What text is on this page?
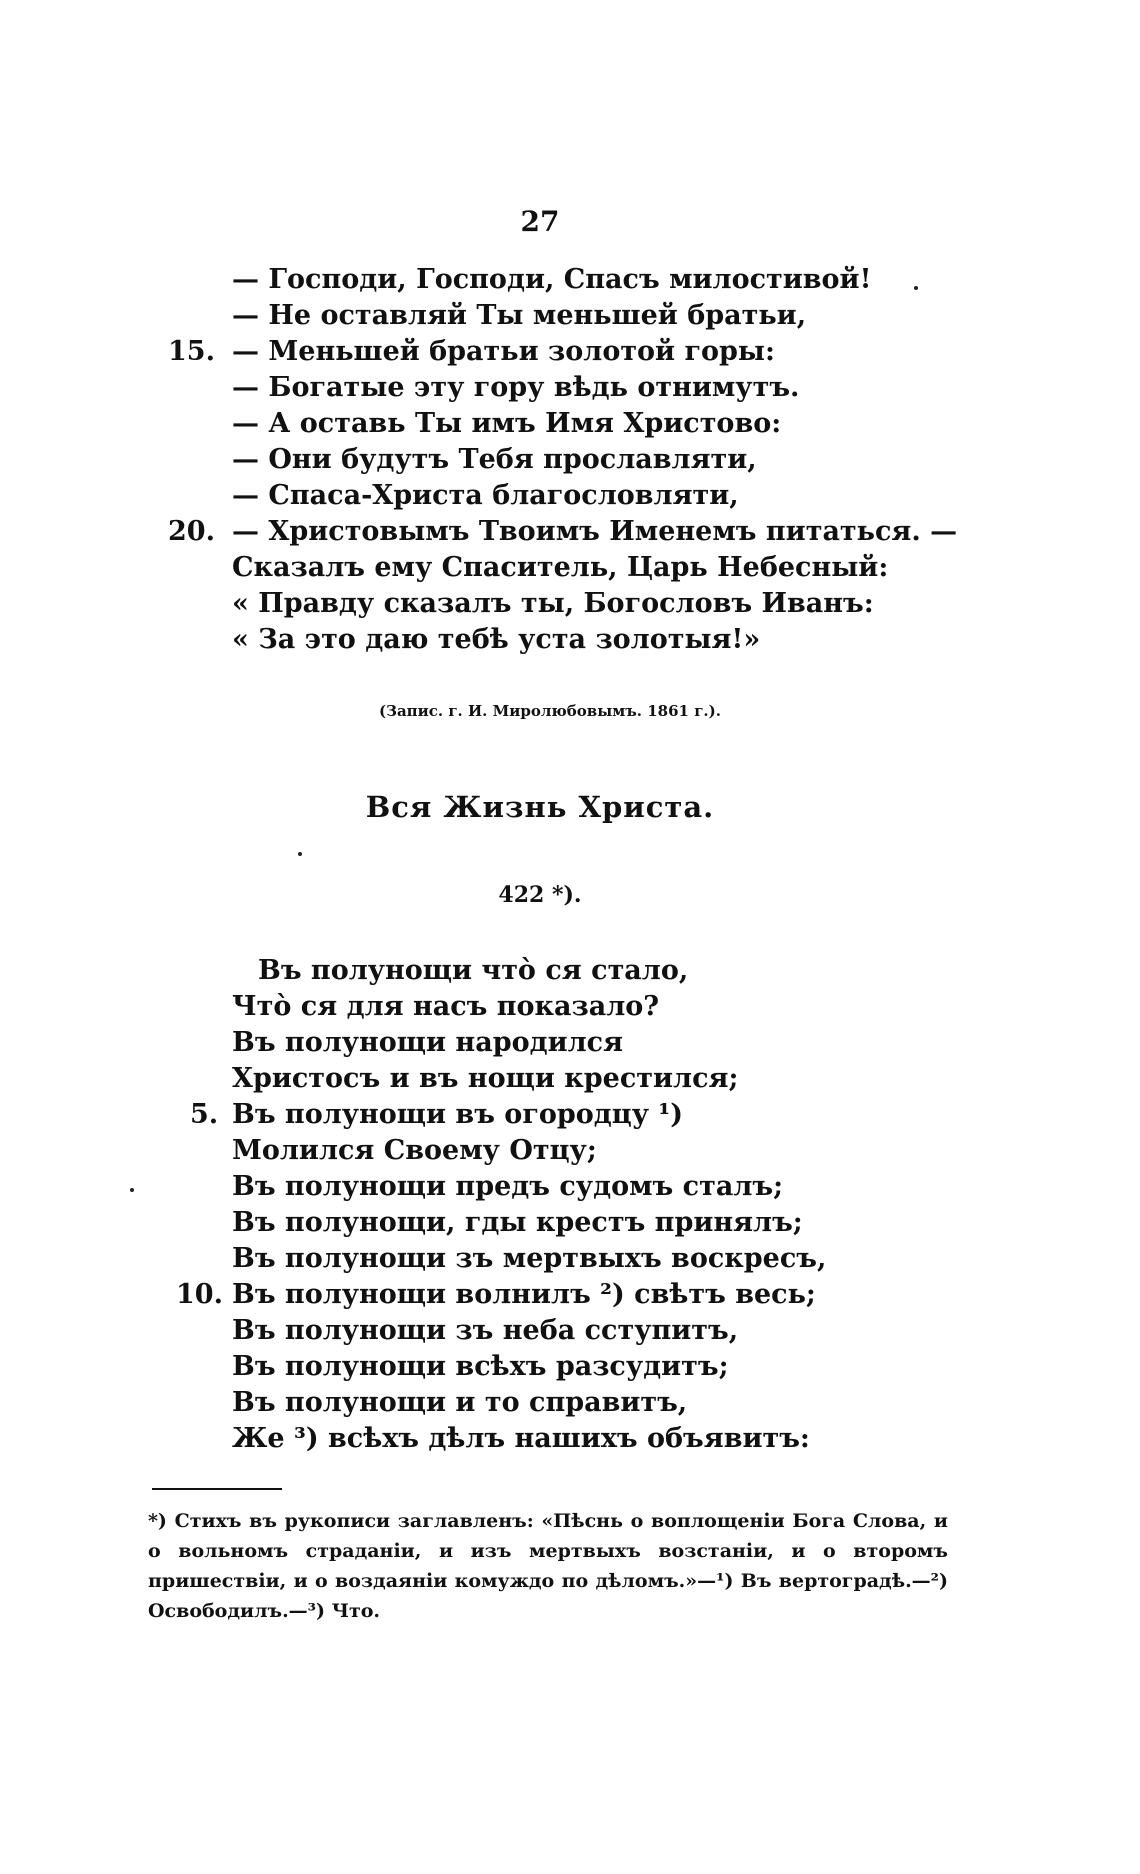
27
— Господи, Господи, Спасъ милостивой!
— Не оставляй Ты меньшей братьи,
15. — Меньшей братьи золотой горы:
— Богатые эту гору вѣдь отнимутъ.
— А оставь Ты имъ Имя Христово:
— Они будутъ Тебя прославляти,
— Спаса-Христа благословляти,
20. — Христовымъ Твоимъ Именемъ питаться. —
Сказалъ ему Спаситель, Царь Небесный:
« Правду сказалъ ты, Богословъ Иванъ:
« За это даю тебѣ уста золотыя!»
(Запис. г. И. Миролюбовымъ. 1861 г.).
Вся Жизнь Христа.
422 *).
Въ полунощи что̀ ся стало,
Что̀ ся для насъ показало?
Въ полунощи народился
Христосъ и въ нощи крестился;
5. Въ полунощи въ огородцу ¹)
Молился Своему Отцу;
Въ полунощи предъ судомъ сталъ;
Въ полунощи, гды крестъ принялъ;
Въ полунощи зъ мертвыхъ воскресъ,
10. Въ полунощи волнилъ ²) свѣтъ весь;
Въ полунощи зъ неба сступитъ,
Въ полунощи всѣхъ разсудитъ;
Въ полунощи и то справитъ,
Же ³) всѣхъ дѣлъ нашихъ объявитъ:

*) Стихъ въ рукописи заглавленъ: «Пѣснь о воплощеніи Бога Слова, и о вольномъ страданіи, и изъ мертвыхъ возстаніи, и о второмъ пришествіи, и о воздаяніи комуждо по дѣломъ.»—¹) Въ вертоградѣ.—²) Освободилъ.—³) Что.
